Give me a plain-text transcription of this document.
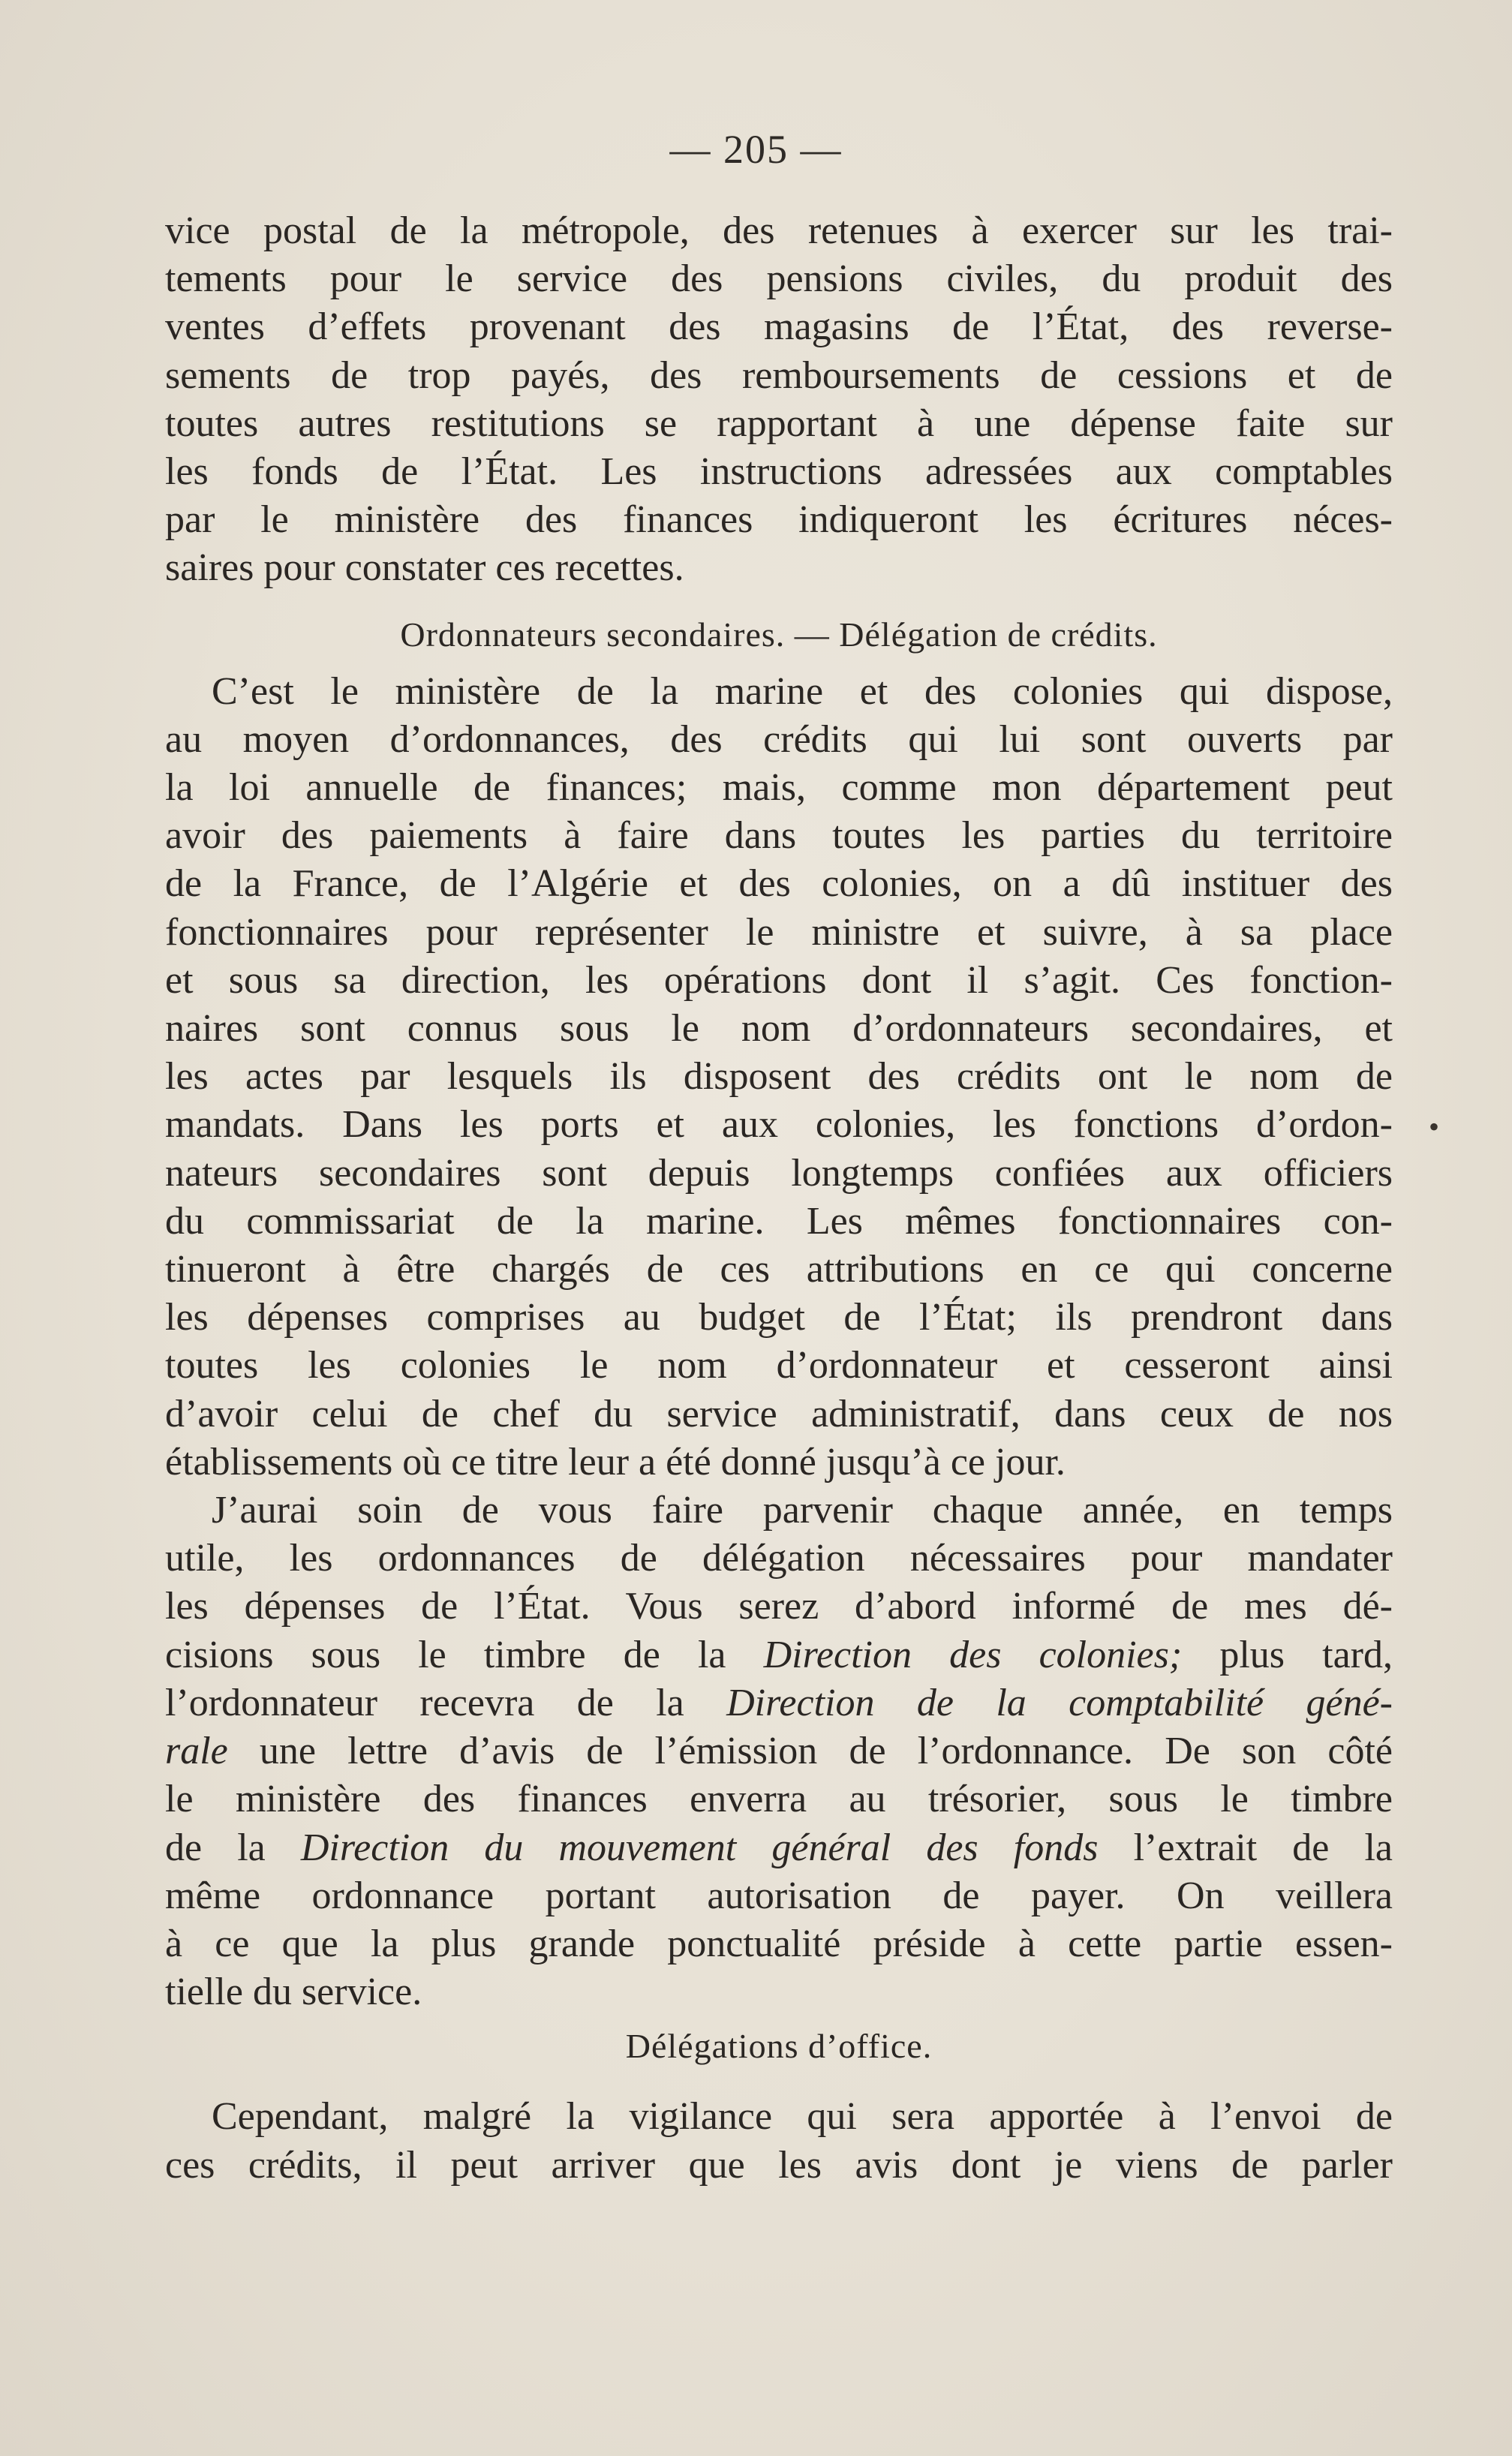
— 205 —

vice postal de la métropole, des retenues à exercer sur les trai-
tements pour le service des pensions civiles, du produit des
ventes d’effets provenant des magasins de l’État, des reverse-
sements de trop payés, des remboursements de cessions et de
toutes autres restitutions se rapportant à une dépense faite sur
les fonds de l’État. Les instructions adressées aux comptables
par le ministère des finances indiqueront les écritures néces-
saires pour constater ces recettes.

Ordonnateurs secondaires. — Délégation de crédits.

C’est le ministère de la marine et des colonies qui dispose,
au moyen d’ordonnances, des crédits qui lui sont ouverts par
la loi annuelle de finances; mais, comme mon département peut
avoir des paiements à faire dans toutes les parties du territoire
de la France, de l’Algérie et des colonies, on a dû instituer des
fonctionnaires pour représenter le ministre et suivre, à sa place
et sous sa direction, les opérations dont il s’agit. Ces fonction-
naires sont connus sous le nom d’ordonnateurs secondaires, et
les actes par lesquels ils disposent des crédits ont le nom de
mandats. Dans les ports et aux colonies, les fonctions d’ordon-
nateurs secondaires sont depuis longtemps confiées aux officiers
du commissariat de la marine. Les mêmes fonctionnaires con-
tinueront à être chargés de ces attributions en ce qui concerne
les dépenses comprises au budget de l’État; ils prendront dans
toutes les colonies le nom d’ordonnateur et cesseront ainsi
d’avoir celui de chef du service administratif, dans ceux de nos
établissements où ce titre leur a été donné jusqu’à ce jour.

J’aurai soin de vous faire parvenir chaque année, en temps
utile, les ordonnances de délégation nécessaires pour mandater
les dépenses de l’État. Vous serez d’abord informé de mes dé-
cisions sous le timbre de la Direction des colonies; plus tard,
l’ordonnateur recevra de la Direction de la comptabilité géné-
rale une lettre d’avis de l’émission de l’ordonnance. De son côté
le ministère des finances enverra au trésorier, sous le timbre
de la Direction du mouvement général des fonds l’extrait de la
même ordonnance portant autorisation de payer. On veillera
à ce que la plus grande ponctualité préside à cette partie essen-
tielle du service.

Délégations d’office.

Cependant, malgré la vigilance qui sera apportée à l’envoi de
ces crédits, il peut arriver que les avis dont je viens de parler

•
